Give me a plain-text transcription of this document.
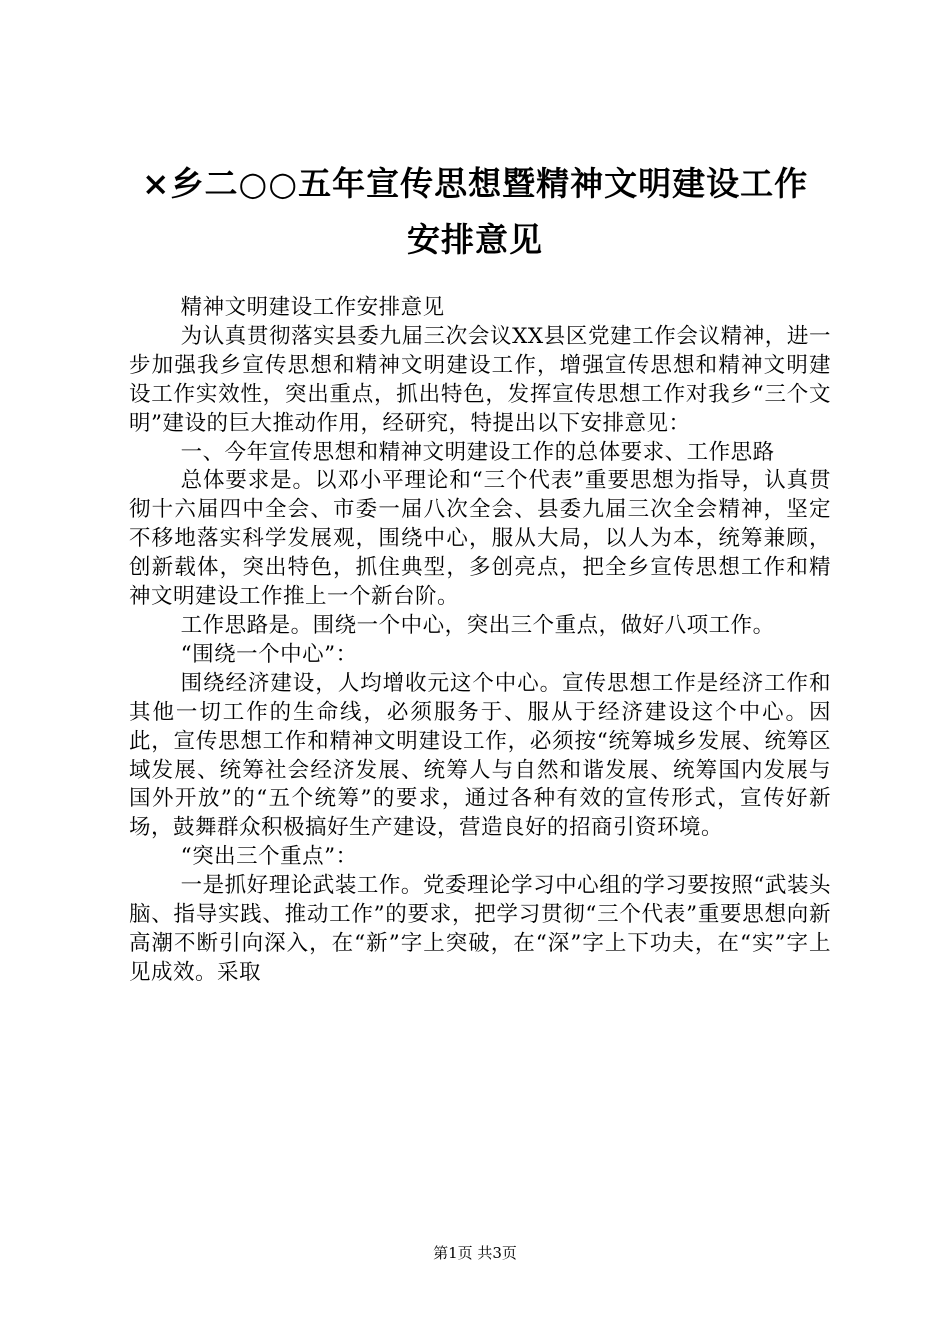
×乡二○○五年宣传思想暨精神文明建设工作
安排意见

精神文明建设工作安排意见

为认真贯彻落实县委九届三次会议XX县区党建工作会议精神，进一步加强我乡宣传思想和精神文明建设工作，增强宣传思想和精神文明建设工作实效性，突出重点，抓出特色，发挥宣传思想工作对我乡“三个文明”建设的巨大推动作用，经研究，特提出以下安排意见：

一、今年宣传思想和精神文明建设工作的总体要求、工作思路

总体要求是。以邓小平理论和“三个代表”重要思想为指导，认真贯彻十六届四中全会、市委一届八次全会、县委九届三次全会精神，坚定不移地落实科学发展观，围绕中心，服从大局，以人为本，统筹兼顾，创新载体，突出特色，抓住典型，多创亮点，把全乡宣传思想工作和精神文明建设工作推上一个新台阶。

工作思路是。围绕一个中心，突出三个重点，做好八项工作。

“围绕一个中心”：

围绕经济建设，人均增收元这个中心。宣传思想工作是经济工作和其他一切工作的生命线，必须服务于、服从于经济建设这个中心。因此，宣传思想工作和精神文明建设工作，必须按“统筹城乡发展、统筹区域发展、统筹社会经济发展、统筹人与自然和谐发展、统筹国内发展与国外开放”的“五个统筹”的要求，通过各种有效的宣传形式，宣传好新场，鼓舞群众积极搞好生产建设，营造良好的招商引资环境。

“突出三个重点”：

一是抓好理论武装工作。党委理论学习中心组的学习要按照“武装头脑、指导实践、推动工作”的要求，把学习贯彻“三个代表”重要思想向新高潮不断引向深入，在“新”字上突破，在“深”字上下功夫，在“实”字上见成效。采取

第1页 共3页
